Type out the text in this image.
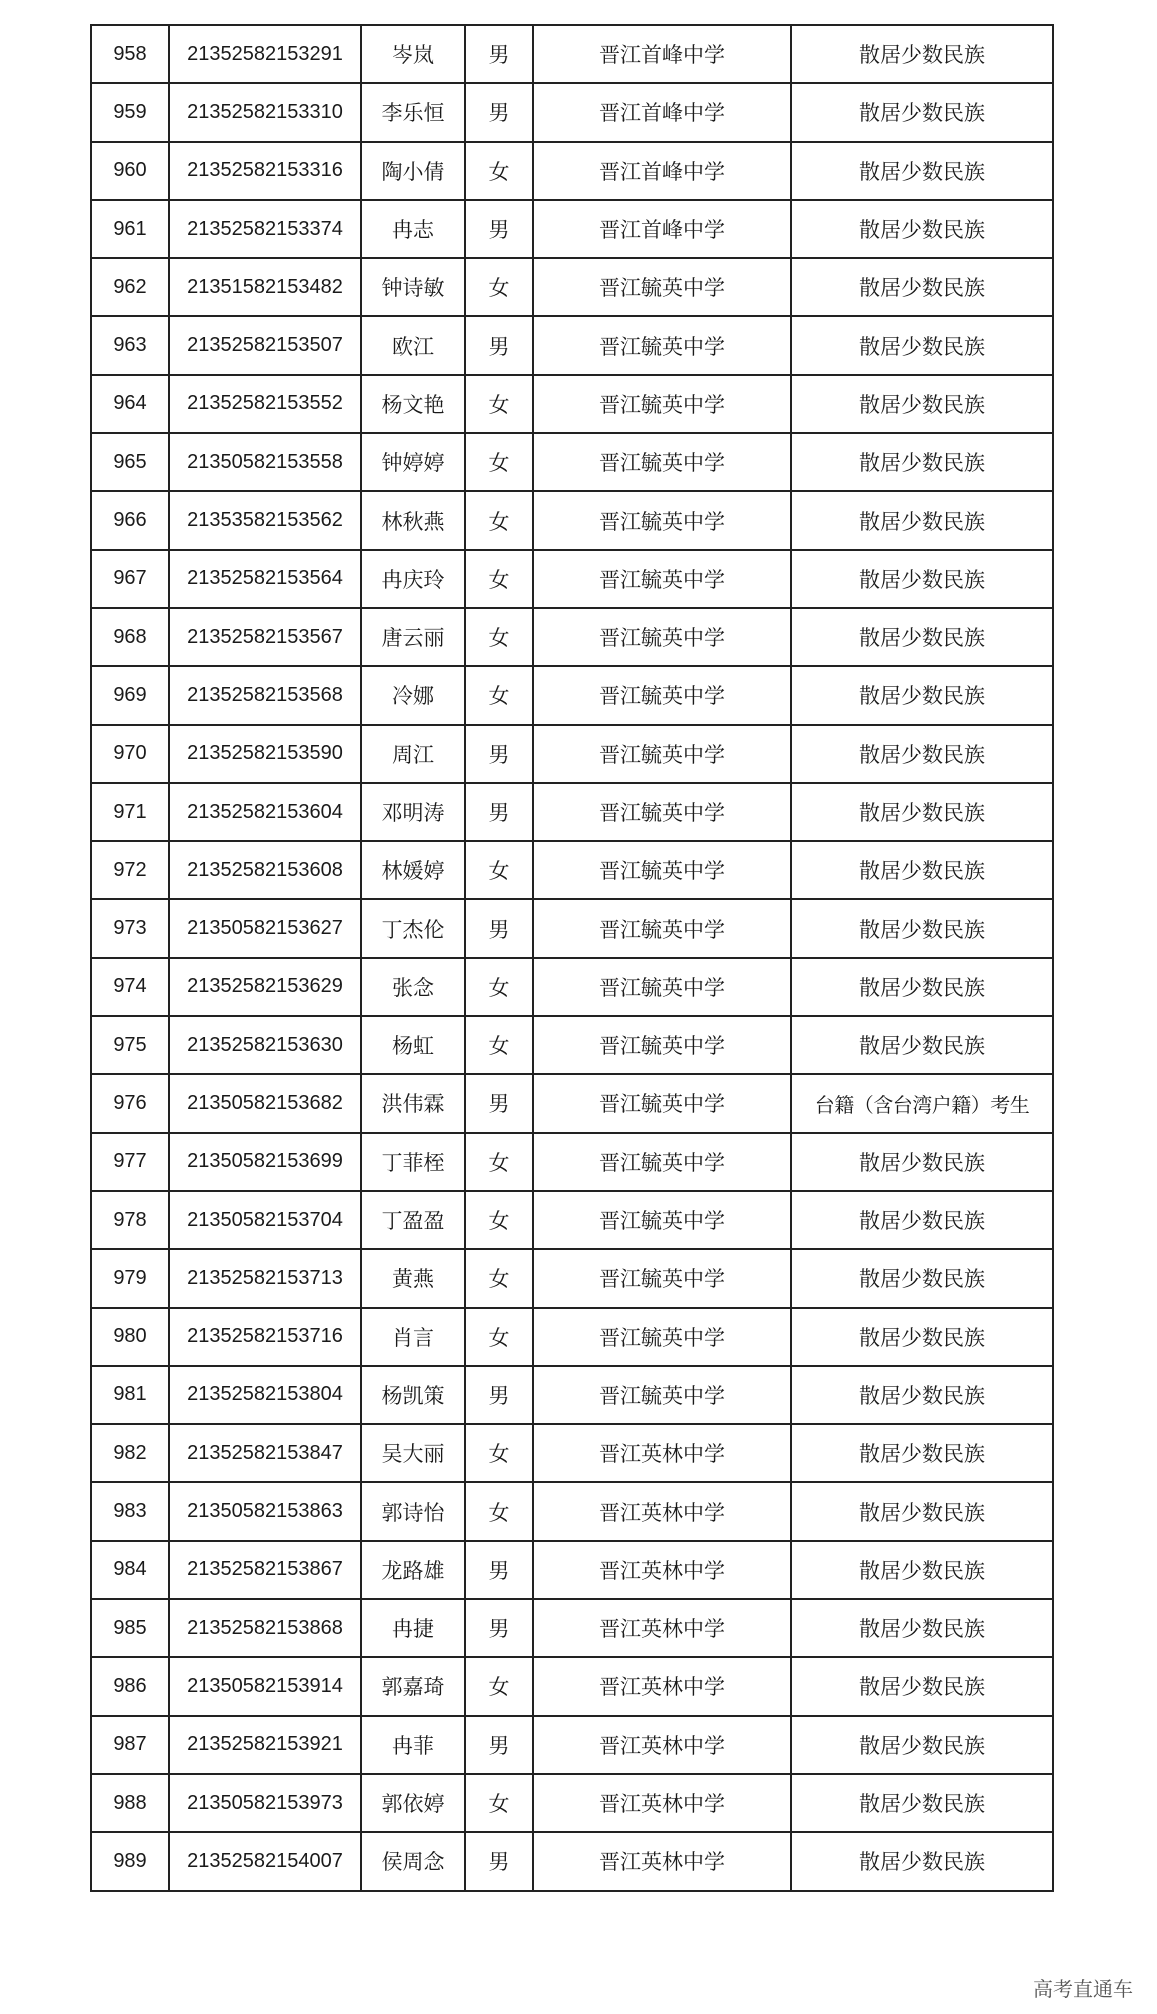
958	21352582153291	岑岚	男	晋江首峰中学	散居少数民族
959	21352582153310	李乐恒	男	晋江首峰中学	散居少数民族
960	21352582153316	陶小倩	女	晋江首峰中学	散居少数民族
961	21352582153374	冉志	男	晋江首峰中学	散居少数民族
962	21351582153482	钟诗敏	女	晋江毓英中学	散居少数民族
963	21352582153507	欧江	男	晋江毓英中学	散居少数民族
964	21352582153552	杨文艳	女	晋江毓英中学	散居少数民族
965	21350582153558	钟婷婷	女	晋江毓英中学	散居少数民族
966	21353582153562	林秋燕	女	晋江毓英中学	散居少数民族
967	21352582153564	冉庆玲	女	晋江毓英中学	散居少数民族
968	21352582153567	唐云丽	女	晋江毓英中学	散居少数民族
969	21352582153568	冷娜	女	晋江毓英中学	散居少数民族
970	21352582153590	周江	男	晋江毓英中学	散居少数民族
971	21352582153604	邓明涛	男	晋江毓英中学	散居少数民族
972	21352582153608	林媛婷	女	晋江毓英中学	散居少数民族
973	21350582153627	丁杰伦	男	晋江毓英中学	散居少数民族
974	21352582153629	张念	女	晋江毓英中学	散居少数民族
975	21352582153630	杨虹	女	晋江毓英中学	散居少数民族
976	21350582153682	洪伟霖	男	晋江毓英中学	台籍（含台湾户籍）考生
977	21350582153699	丁菲桎	女	晋江毓英中学	散居少数民族
978	21350582153704	丁盈盈	女	晋江毓英中学	散居少数民族
979	21352582153713	黄燕	女	晋江毓英中学	散居少数民族
980	21352582153716	肖言	女	晋江毓英中学	散居少数民族
981	21352582153804	杨凯策	男	晋江毓英中学	散居少数民族
982	21352582153847	吴大丽	女	晋江英林中学	散居少数民族
983	21350582153863	郭诗怡	女	晋江英林中学	散居少数民族
984	21352582153867	龙路雄	男	晋江英林中学	散居少数民族
985	21352582153868	冉捷	男	晋江英林中学	散居少数民族
986	21350582153914	郭嘉琦	女	晋江英林中学	散居少数民族
987	21352582153921	冉菲	男	晋江英林中学	散居少数民族
988	21350582153973	郭依婷	女	晋江英林中学	散居少数民族
989	21352582154007	侯周念	男	晋江英林中学	散居少数民族
高考直通车
